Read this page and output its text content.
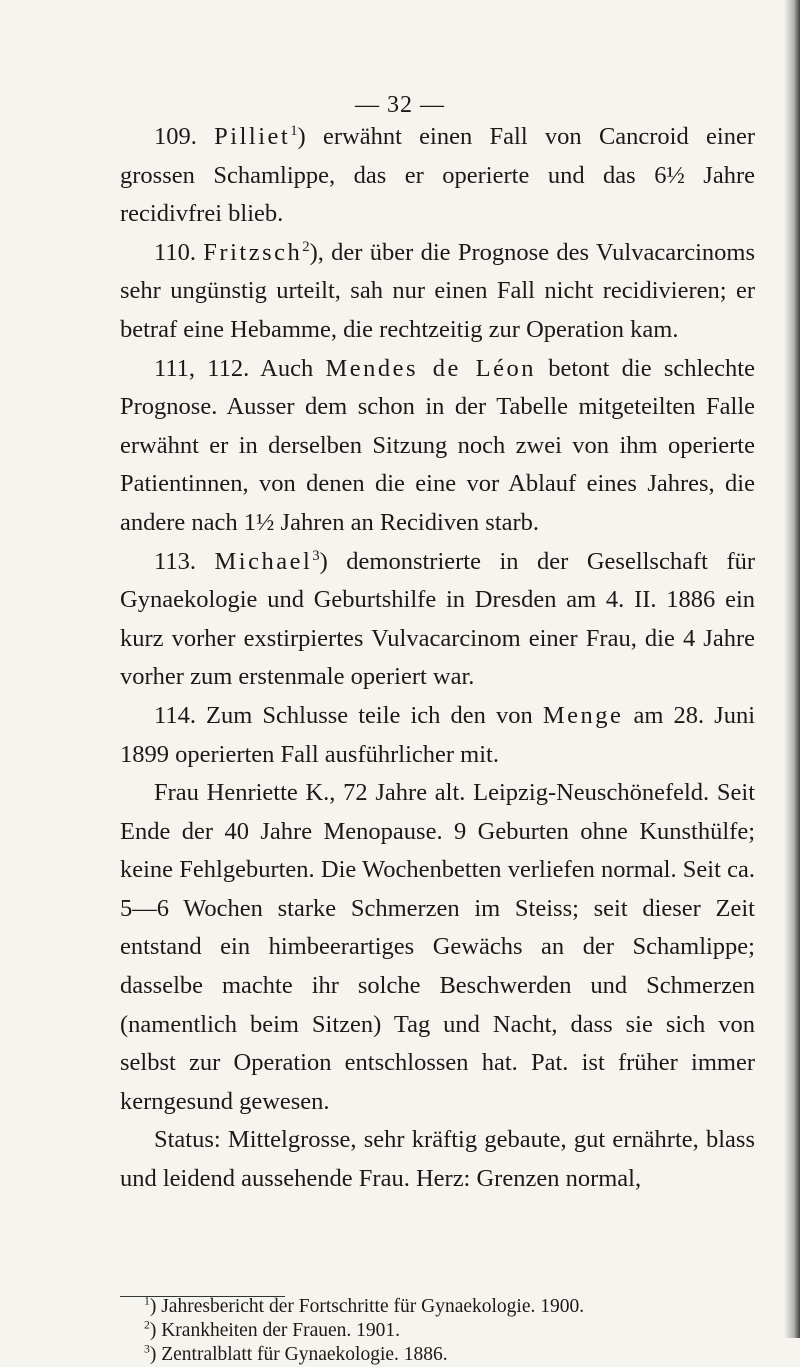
— 32 —

109. Pilliet$^1$) erwähnt einen Fall von Cancroid einer grossen Schamlippe, das er operierte und das 6½ Jahre recidivfrei blieb.

110. Fritzsch$^2$), der über die Prognose des Vulvacarcinoms sehr ungünstig urteilt, sah nur einen Fall nicht recidivieren; er betraf eine Hebamme, die rechtzeitig zur Operation kam.

111, 112. Auch Mendes de Léon betont die schlechte Prognose. Ausser dem schon in der Tabelle mitgeteilten Falle erwähnt er in derselben Sitzung noch zwei von ihm operierte Patientinnen, von denen die eine vor Ablauf eines Jahres, die andere nach 1½ Jahren an Recidiven starb.

113. Michael$^3$) demonstrierte in der Gesellschaft für Gynaekologie und Geburtshilfe in Dresden am 4. II. 1886 ein kurz vorher exstirpiertes Vulvacarcinom einer Frau, die 4 Jahre vorher zum erstenmale operiert war.

114. Zum Schlusse teile ich den von Menge am 28. Juni 1899 operierten Fall ausführlicher mit.

Frau Henriette K., 72 Jahre alt. Leipzig-Neuschönefeld. Seit Ende der 40 Jahre Menopause. 9 Geburten ohne Kunsthülfe; keine Fehlgeburten. Die Wochenbetten verliefen normal. Seit ca. 5—6 Wochen starke Schmerzen im Steiss; seit dieser Zeit entstand ein himbeerartiges Gewächs an der Schamlippe; dasselbe machte ihr solche Beschwerden und Schmerzen (namentlich beim Sitzen) Tag und Nacht, dass sie sich von selbst zur Operation entschlossen hat. Pat. ist früher immer kerngesund gewesen.

Status: Mittelgrosse, sehr kräftig gebaute, gut ernährte, blass und leidend aussehende Frau. Herz: Grenzen normal,

$^1$) Jahresbericht der Fortschritte für Gynaekologie. 1900.
$^2$) Krankheiten der Frauen. 1901.
$^3$) Zentralblatt für Gynaekologie. 1886.
